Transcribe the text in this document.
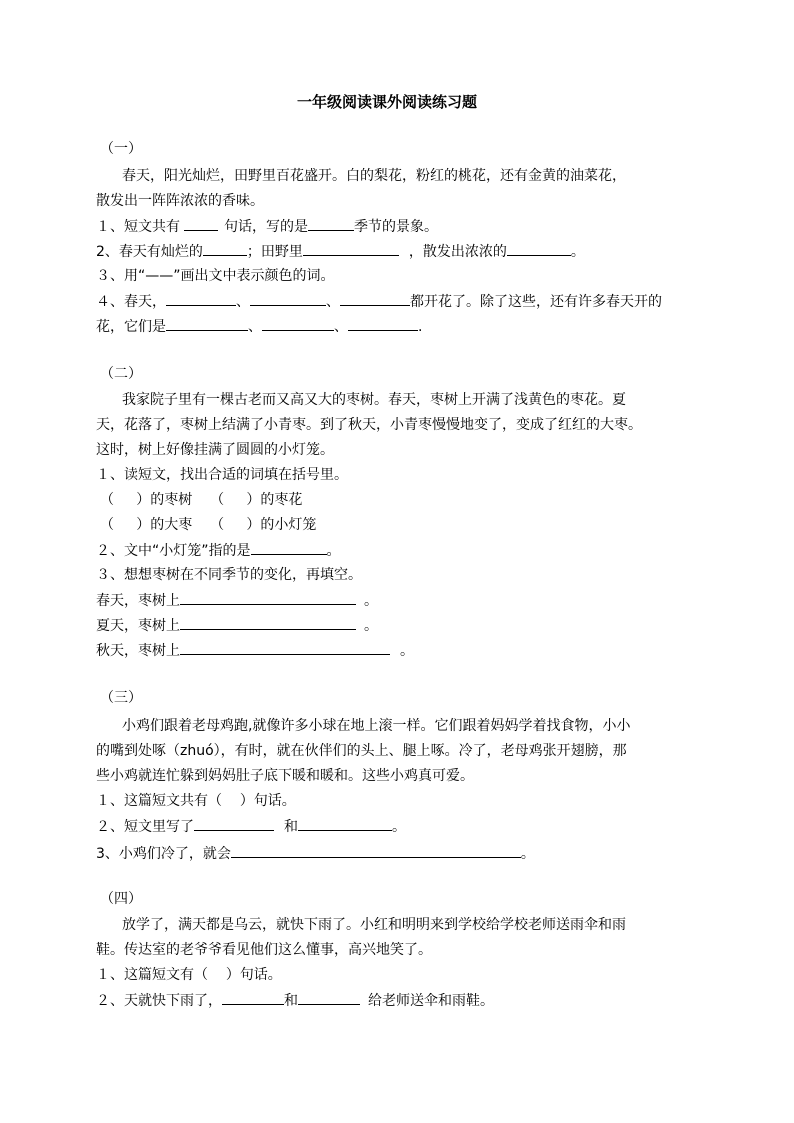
一年级阅读课外阅读练习题
（一）
春天，阳光灿烂，田野里百花盛开。白的梨花，粉红的桃花，还有金黄的油菜花，
散发出一阵阵浓浓的香味。
１、短文共有	句话，写的是	季节的景象。
2、春天有灿烂的	；田野里	，散发出浓浓的	。
３、用“——”画出文中表示颜色的词。
４、春天，	、	、	都开花了。除了这些，还有许多春天开的
花，它们是	、	、	.
（二）
我家院子里有一棵古老而又高又大的枣树。春天，枣树上开满了浅黄色的枣花。夏
天，花落了，枣树上结满了小青枣。到了秋天，小青枣慢慢地变了，变成了红红的大枣。
这时，树上好像挂满了圆圆的小灯笼。
１、读短文，找出合适的词填在括号里。
（ ）的枣树 （ ）的枣花
（ ）的大枣 （ ）的小灯笼
２、文中“小灯笼”指的是	。
３、想想枣树在不同季节的变化，再填空。
春天，枣树上	。
夏天，枣树上	。
秋天，枣树上	。
（三）
小鸡们跟着老母鸡跑,就像许多小球在地上滚一样。它们跟着妈妈学着找食物，小小
的嘴到处啄（zhuó），有时，就在伙伴们的头上、腿上啄。冷了，老母鸡张开翅膀，那
些小鸡就连忙躲到妈妈肚子底下暖和暖和。这些小鸡真可爱。
１、这篇短文共有（ ）句话。
２、短文里写了	和	。
3、小鸡们冷了，就会	。
（四）
放学了，满天都是乌云，就快下雨了。小红和明明来到学校给学校老师送雨伞和雨
鞋。传达室的老爷爷看见他们这么懂事，高兴地笑了。
１、这篇短文有（ ）句话。
２、天就快下雨了，	和	给老师送伞和雨鞋。
